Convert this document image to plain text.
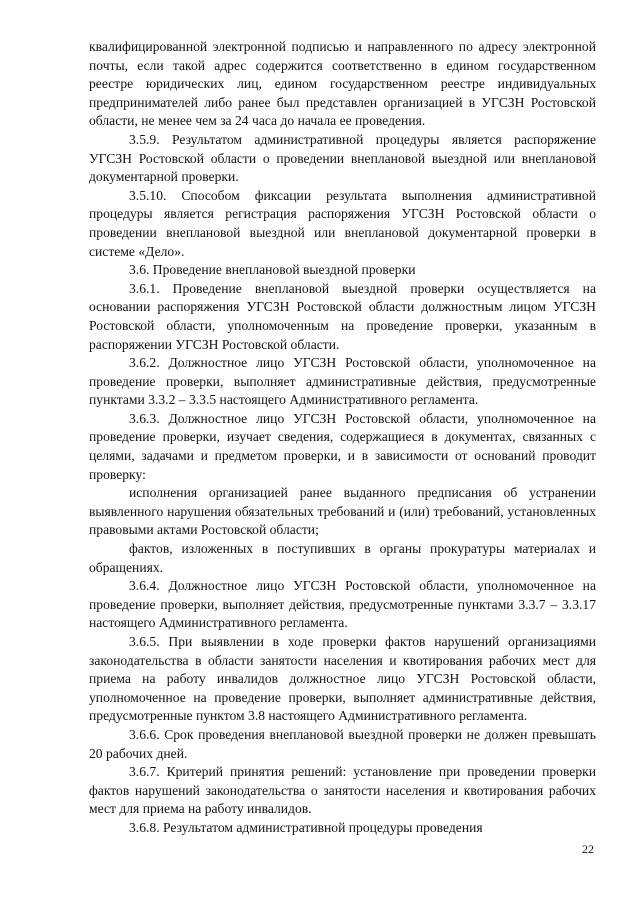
квалифицированной электронной подписью и направленного по адресу электронной почты, если такой адрес содержится соответственно в едином государственном реестре юридических лиц, едином государственном реестре индивидуальных предпринимателей либо ранее был представлен организацией в УГСЗН Ростовской области, не менее чем за 24 часа до начала ее проведения.

3.5.9. Результатом административной процедуры является распоряжение УГСЗН Ростовской области о проведении внеплановой выездной или внеплановой документарной проверки.

3.5.10. Способом фиксации результата выполнения административной процедуры является регистрация распоряжения УГСЗН Ростовской области о проведении внеплановой выездной или внеплановой документарной проверки в системе «Дело».

3.6. Проведение внеплановой выездной проверки

3.6.1. Проведение внеплановой выездной проверки осуществляется на основании распоряжения УГСЗН Ростовской области должностным лицом УГСЗН Ростовской области, уполномоченным на проведение проверки, указанным в распоряжении УГСЗН Ростовской области.

3.6.2. Должностное лицо УГСЗН Ростовской области, уполномоченное на проведение проверки, выполняет административные действия, предусмотренные пунктами 3.3.2 – 3.3.5 настоящего Административного регламента.

3.6.3. Должностное лицо УГСЗН Ростовской области, уполномоченное на проведение проверки, изучает сведения, содержащиеся в документах, связанных с целями, задачами и предметом проверки, и в зависимости от оснований проводит проверку:

исполнения организацией ранее выданного предписания об устранении выявленного нарушения обязательных требований и (или) требований, установленных правовыми актами Ростовской области;

фактов, изложенных в поступивших в органы прокуратуры материалах и обращениях.

3.6.4. Должностное лицо УГСЗН Ростовской области, уполномоченное на проведение проверки, выполняет действия, предусмотренные пунктами 3.3.7 – 3.3.17 настоящего Административного регламента.

3.6.5. При выявлении в ходе проверки фактов нарушений организациями законодательства в области занятости населения и квотирования рабочих мест для приема на работу инвалидов должностное лицо УГСЗН Ростовской области, уполномоченное на проведение проверки, выполняет административные действия, предусмотренные пунктом 3.8 настоящего Административного регламента.

3.6.6. Срок проведения внеплановой выездной проверки не должен превышать 20 рабочих дней.

3.6.7. Критерий принятия решений: установление при проведении проверки фактов нарушений законодательства о занятости населения и квотирования рабочих мест для приема на работу инвалидов.

3.6.8. Результатом административной процедуры проведения

22
